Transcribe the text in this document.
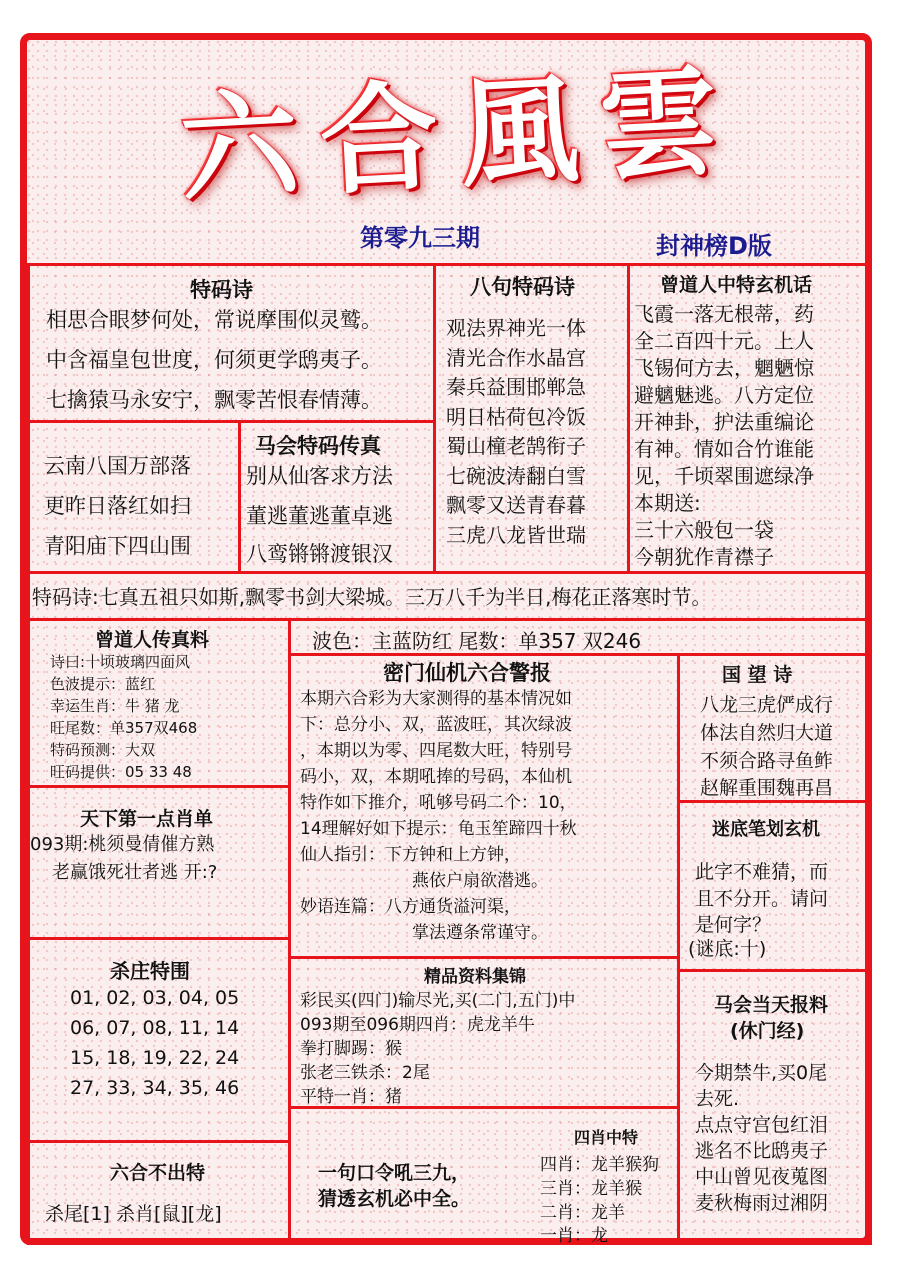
六合風雲
第零九三期	封神榜D版
特码诗
相思合眼梦何处，常说摩围似灵鹫。
中含福皇包世度，何须更学鸱夷子。
七擒猿马永安宁，飘零苦恨春情薄。
八句特码诗
观法界神光一体
清光合作水晶宫
秦兵益围邯郸急
明日枯荷包冷饭
蜀山橦老鹄衔子
七碗波涛翻白雪
飘零又送青春暮
三虎八龙皆世瑞
曾道人中特玄机话
飞霞一落无根蒂，药
全二百四十元。上人
飞锡何方去，魍魉惊
避魑魅逃。八方定位
开神卦，护法重编论
有神。情如合竹谁能
见，千顷翠围遮绿净
本期送:
三十六般包一袋
今朝犹作青襟子
云南八国万部落
更昨日落红如扫
青阳庙下四山围
马会特码传真
别从仙客求方法
董逃董逃董卓逃
八鸾锵锵渡银汉
特码诗:七真五祖只如斯,飘零书剑大梁城。三万八千为半日,梅花正落寒时节。
曾道人传真料
诗曰:十顷玻璃四面风
色波提示：蓝红
幸运生肖：牛 猪 龙
旺尾数：单357双468
特码预测：大双
旺码提供：05 33 48
天下第一点肖单
093期:桃须曼倩催方熟
老赢饿死壮者逃 开:?
杀庄特围
01, 02, 03, 04, 05
06, 07, 08, 11, 14
15, 18, 19, 22, 24
27, 33, 34, 35, 46
六合不出特
杀尾[1] 杀肖[鼠][龙]
波色：主蓝防红 尾数：单357 双246
密门仙机六合警报
本期六合彩为大家测得的基本情况如
下：总分小、双，蓝波旺，其次绿波
，本期以为零、四尾数大旺，特别号
码小，双，本期吼捧的号码，本仙机
特作如下推介，吼够号码二个：10，
14理解好如下提示：龟玉笙蹄四十秋
仙人指引：下方钟和上方钟，
燕依户扇欲潜逃。
妙语连篇：八方通货溢河渠，
掌法遵条常谨守。
精品资料集锦
彩民买(四门)输尽光,买(二门,五门)中
093期至096期四肖：虎龙羊牛
拳打脚踢：猴
张老三铁杀：2尾
平特一肖：猪
一句口令吼三九，
猜透玄机必中全。
四肖中特
四肖：龙羊猴狗
三肖：龙羊猴
二肖：龙羊
一肖：龙
国 望 诗
八龙三虎俨成行
体法自然归大道
不须合路寻鱼鲊
赵解重围魏再昌
迷底笔划玄机
此字不难猜，而
且不分开。请问
是何字？
(谜底:十)
马会当天报料
(休门经)
今期禁牛,买0尾
去死.
点点守宫包红泪
逃名不比鸱夷子
中山曾见夜蒐图
麦秋梅雨过湘阴
